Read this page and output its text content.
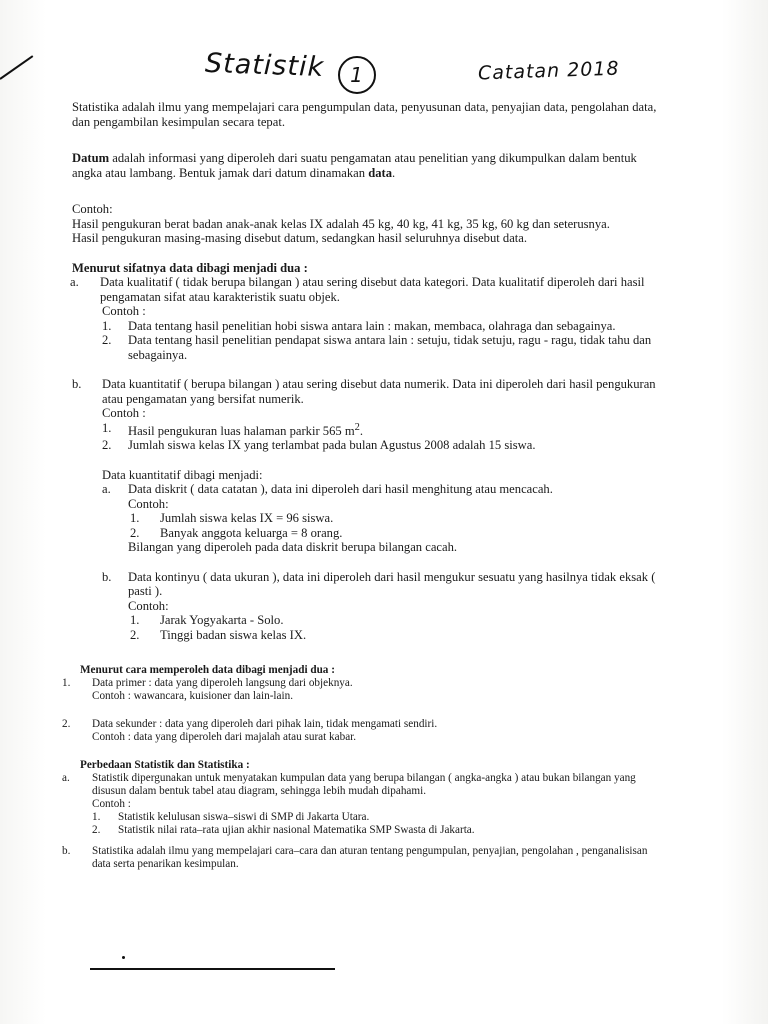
Statistik	1	Catatan 2018

Statistika adalah ilmu yang mempelajari cara pengumpulan data, penyusunan data, penyajian data, pengolahan data, dan pengambilan kesimpulan secara tepat.

Datum adalah informasi yang diperoleh dari suatu pengamatan atau penelitian yang dikumpulkan dalam bentuk angka atau lambang. Bentuk jamak dari datum dinamakan data.

Contoh:

Hasil pengukuran berat badan anak-anak kelas IX adalah 45 kg, 40 kg, 41 kg, 35 kg, 60 kg dan seterusnya.

Hasil pengukuran masing-masing disebut datum, sedangkan hasil seluruhnya disebut data.

Menurut sifatnya data dibagi menjadi dua :

a.	Data kualitatif ( tidak berupa bilangan ) atau sering disebut data kategori. Data kualitatif diperoleh dari hasil pengamatan sifat atau karakteristik suatu objek.

Contoh :

1.	Data tentang hasil penelitian hobi siswa antara lain : makan, membaca, olahraga dan sebagainya.
2.	Data tentang hasil penelitian pendapat siswa antara lain : setuju, tidak setuju, ragu - ragu, tidak tahu dan sebagainya.
b.	Data kuantitatif ( berupa bilangan ) atau sering disebut data numerik. Data ini diperoleh dari hasil pengukuran atau pengamatan yang bersifat numerik.

Contoh :

1.	Hasil pengukuran luas halaman parkir 565 $m^2$.
2.	Jumlah siswa kelas IX yang terlambat pada bulan Agustus 2008 adalah 15 siswa.

Data kuantitatif dibagi menjadi:

a.	Data diskrit ( data catatan ), data ini diperoleh dari hasil menghitung atau mencacah.

Contoh:

1.	Jumlah siswa kelas IX = 96 siswa.
2.	Banyak anggota keluarga = 8 orang.

Bilangan yang diperoleh pada data diskrit berupa bilangan cacah.

b.	Data kontinyu ( data ukuran ), data ini diperoleh dari hasil mengukur sesuatu yang hasilnya tidak eksak ( pasti ).

Contoh:

1.	Jarak Yogyakarta - Solo.
2.	Tinggi badan siswa kelas IX.

Menurut cara memperoleh data dibagi menjadi dua :

1.	Data primer : data yang diperoleh langsung dari objeknya.

Contoh : wawancara, kuisioner dan lain-lain.

2.	Data sekunder : data yang diperoleh dari pihak lain, tidak mengamati sendiri.

Contoh : data yang diperoleh dari majalah atau surat kabar.

Perbedaan Statistik dan Statistika :

a.	Statistik dipergunakan untuk menyatakan kumpulan data yang berupa bilangan ( angka-angka ) atau bukan bilangan yang disusun dalam bentuk tabel atau diagram, sehingga lebih mudah dipahami.

Contoh :

1.	Statistik kelulusan siswa–siswi di SMP di Jakarta Utara.
2.	Statistik nilai rata–rata ujian akhir nasional Matematika SMP Swasta di Jakarta.
b.	Statistika adalah ilmu yang mempelajari cara–cara dan aturan tentang pengumpulan, penyajian, pengolahan , penganalisisan data serta penarikan kesimpulan.
